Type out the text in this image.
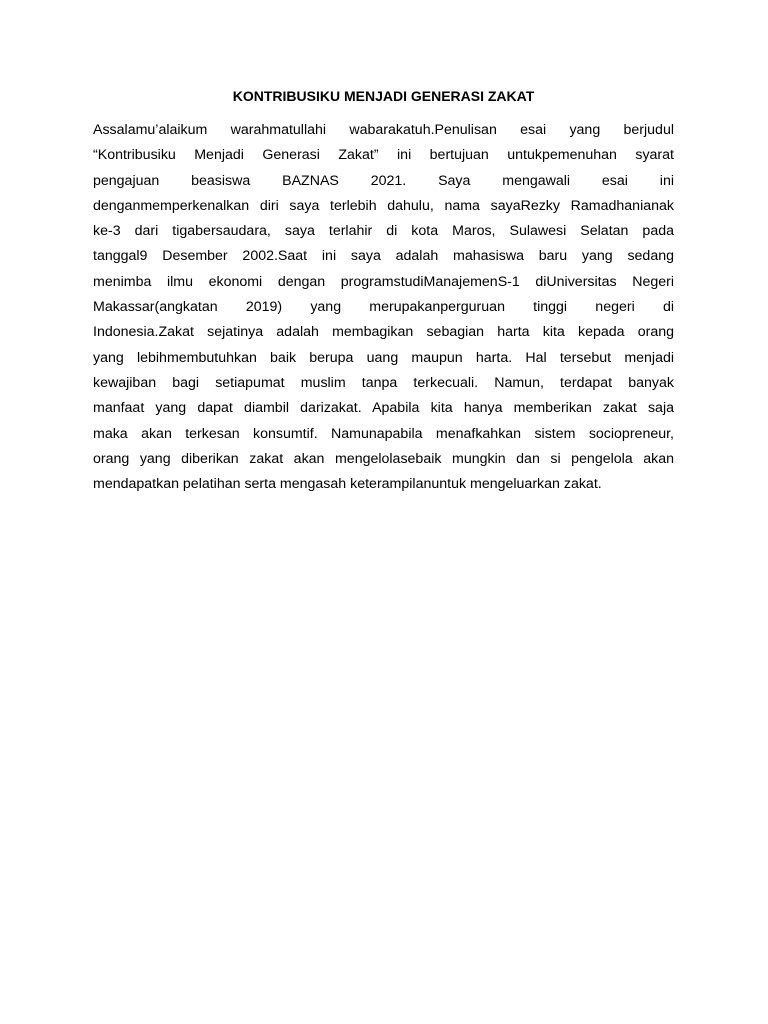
KONTRIBUSIKU MENJADI GENERASI ZAKAT
Assalamu’alaikum warahmatullahi wabarakatuh.Penulisan esai yang berjudul
“Kontribusiku Menjadi Generasi Zakat” ini bertujuan untukpemenuhan syarat
pengajuan beasiswa BAZNAS 2021. Saya mengawali esai ini
denganmemperkenalkan diri saya terlebih dahulu, nama sayaRezky Ramadhanianak
ke-3 dari tigabersaudara, saya terlahir di kota Maros, Sulawesi Selatan pada
tanggal9 Desember 2002.Saat ini saya adalah mahasiswa baru yang sedang
menimba ilmu ekonomi dengan programstudiManajemenS-1 diUniversitas Negeri
Makassar(angkatan 2019) yang merupakanperguruan tinggi negeri di
Indonesia.Zakat sejatinya adalah membagikan sebagian harta kita kepada orang
yang lebihmembutuhkan baik berupa uang maupun harta. Hal tersebut menjadi
kewajiban bagi setiapumat muslim tanpa terkecuali. Namun, terdapat banyak
manfaat yang dapat diambil darizakat. Apabila kita hanya memberikan zakat saja
maka akan terkesan konsumtif. Namunapabila menafkahkan sistem sociopreneur,
orang yang diberikan zakat akan mengelolasebaik mungkin dan si pengelola akan
mendapatkan pelatihan serta mengasah keterampilanuntuk mengeluarkan zakat.
